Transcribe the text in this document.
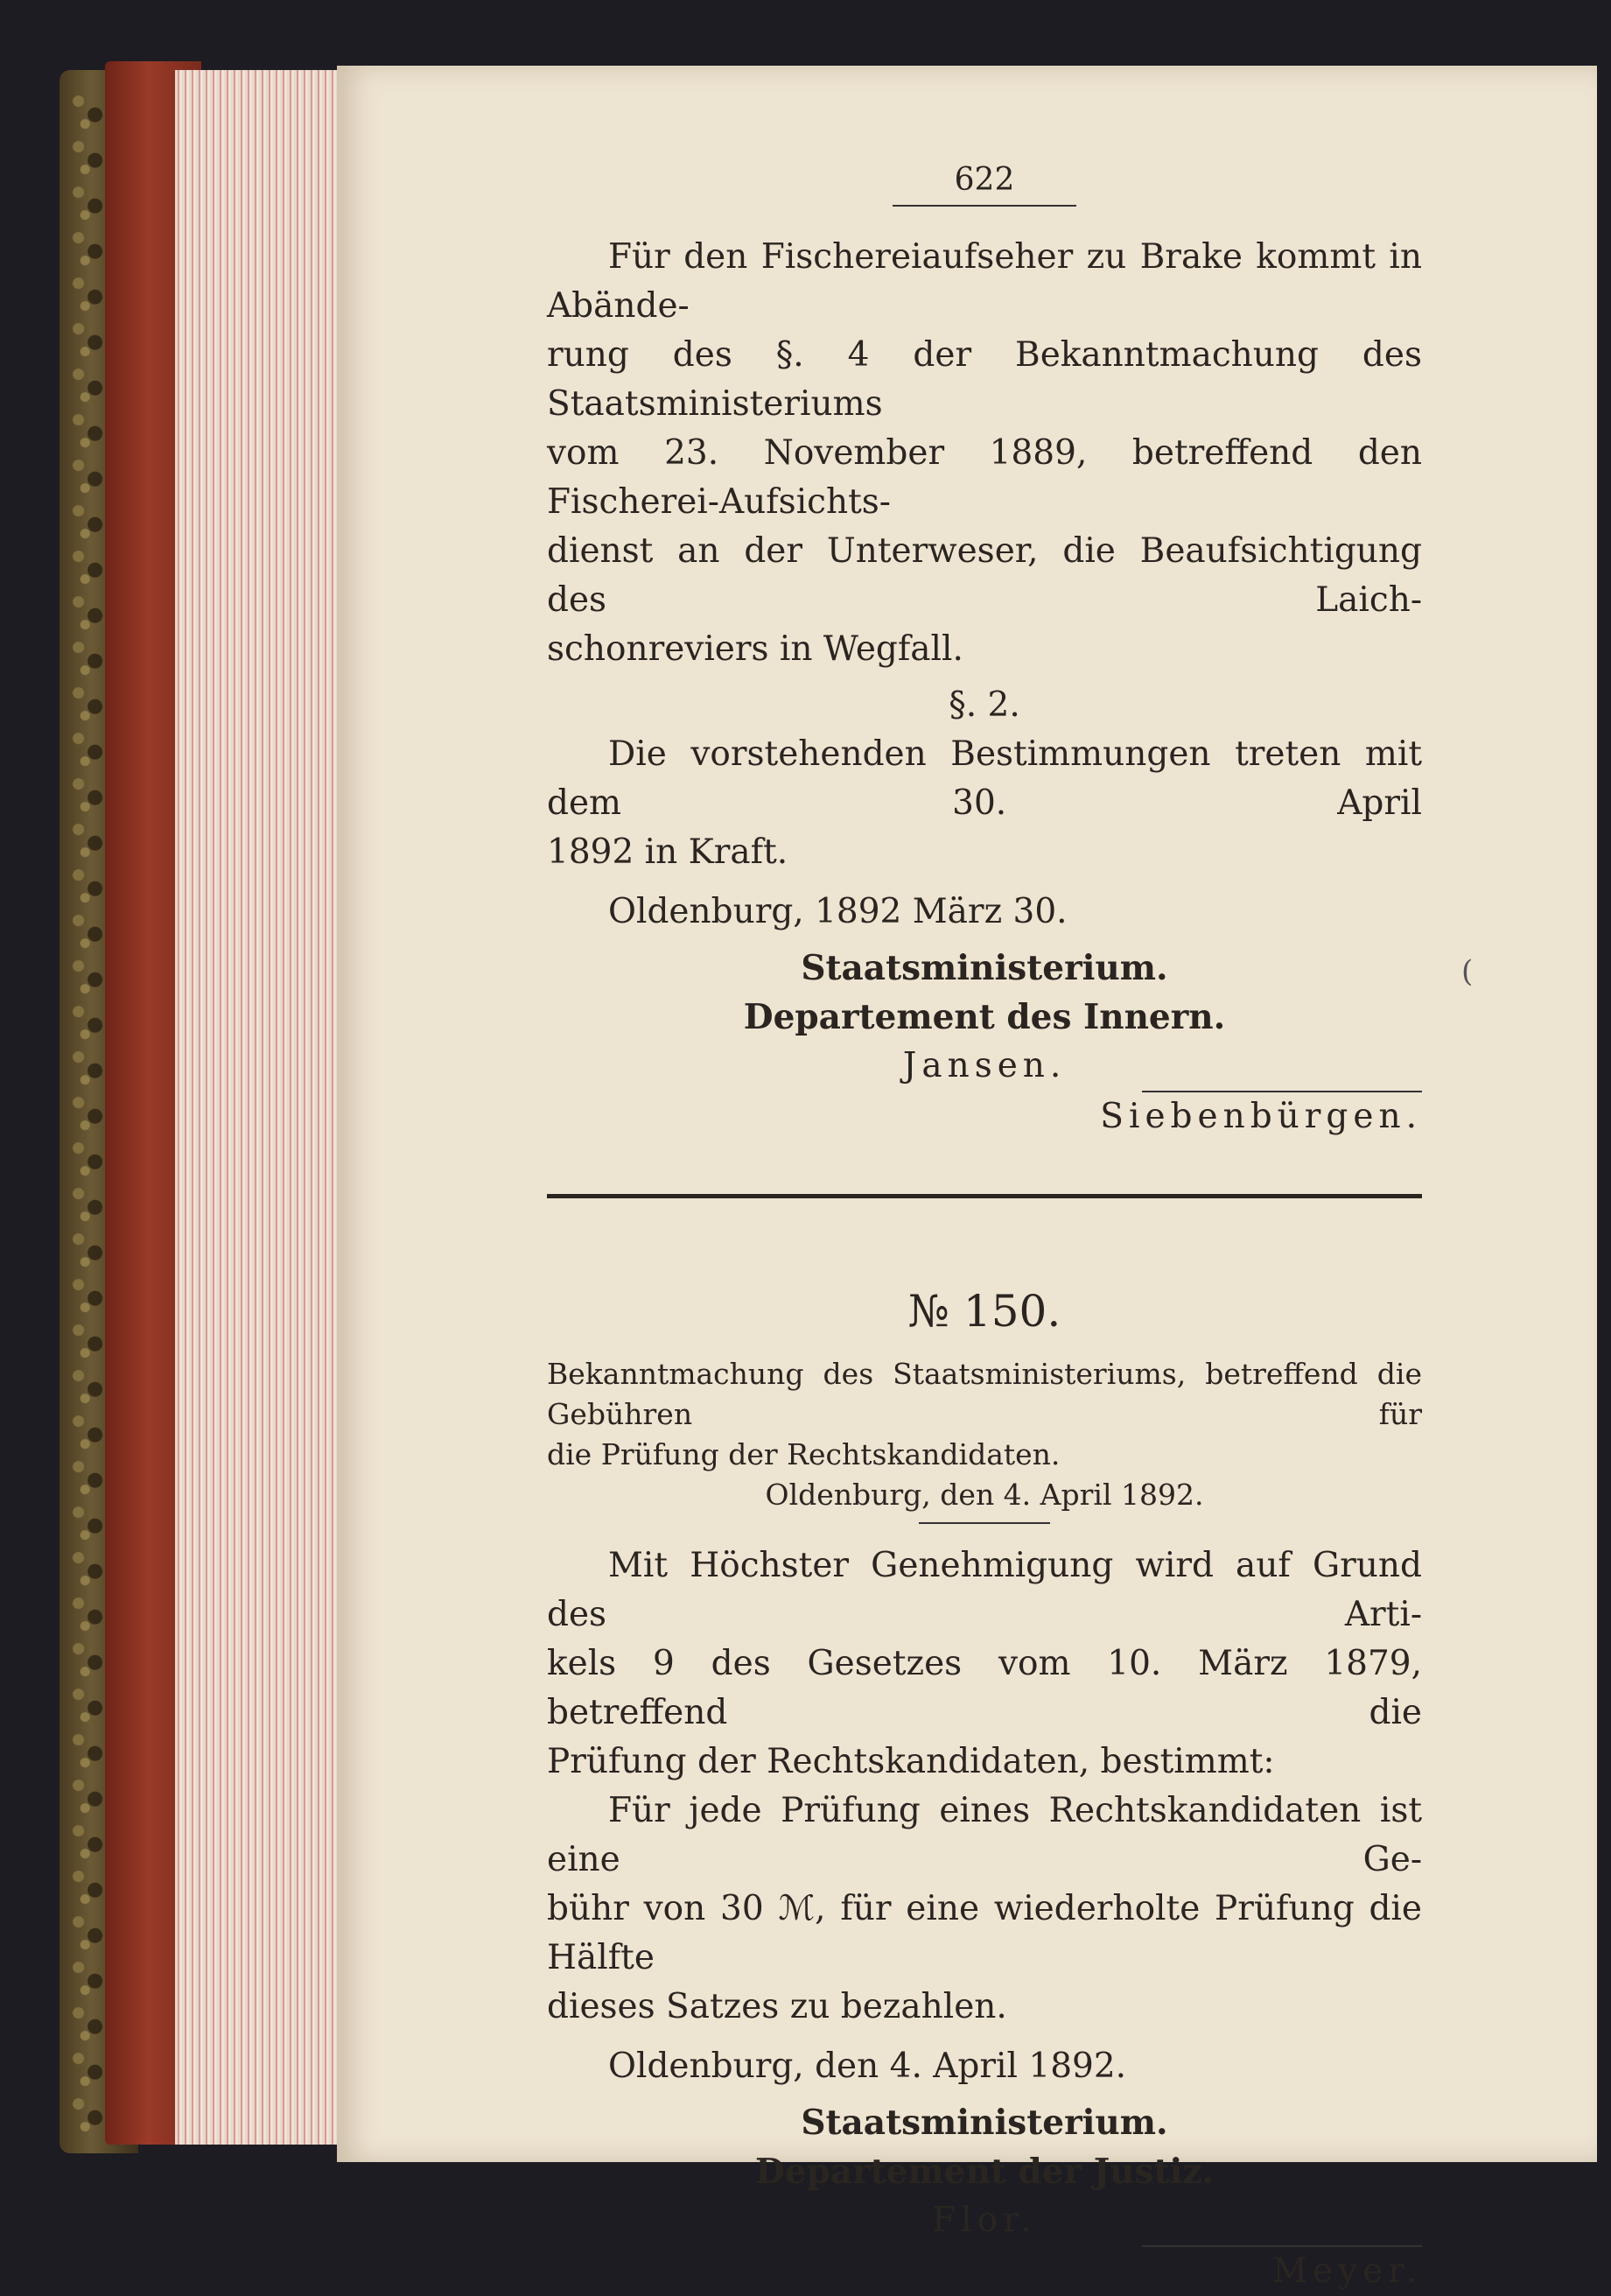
(

622

Für den Fischereiaufseher zu Brake kommt in Abände-

rung des §. 4 der Bekanntmachung des Staatsministeriums

vom 23. November 1889, betreffend den Fischerei-Aufsichts-

dienst an der Unterweser, die Beaufsichtigung des Laich-

schonreviers in Wegfall.

§. 2.

Die vorstehenden Bestimmungen treten mit dem 30. April

1892 in Kraft.

Oldenburg, 1892 März 30.

Staatsministerium.

Departement des Innern.

Jansen.

Siebenbürgen.

№ 150.

Bekanntmachung des Staatsministeriums, betreffend die Gebühren für

die Prüfung der Rechtskandidaten.

Oldenburg, den 4. April 1892.

Mit Höchster Genehmigung wird auf Grund des Arti-

kels 9 des Gesetzes vom 10. März 1879, betreffend die

Prüfung der Rechtskandidaten, bestimmt:

Für jede Prüfung eines Rechtskandidaten ist eine Ge-

bühr von 30 ℳ, für eine wiederholte Prüfung die Hälfte

dieses Satzes zu bezahlen.

Oldenburg, den 4. April 1892.

Staatsministerium.

Departement der Justiz.

Flor.

Meyer.
